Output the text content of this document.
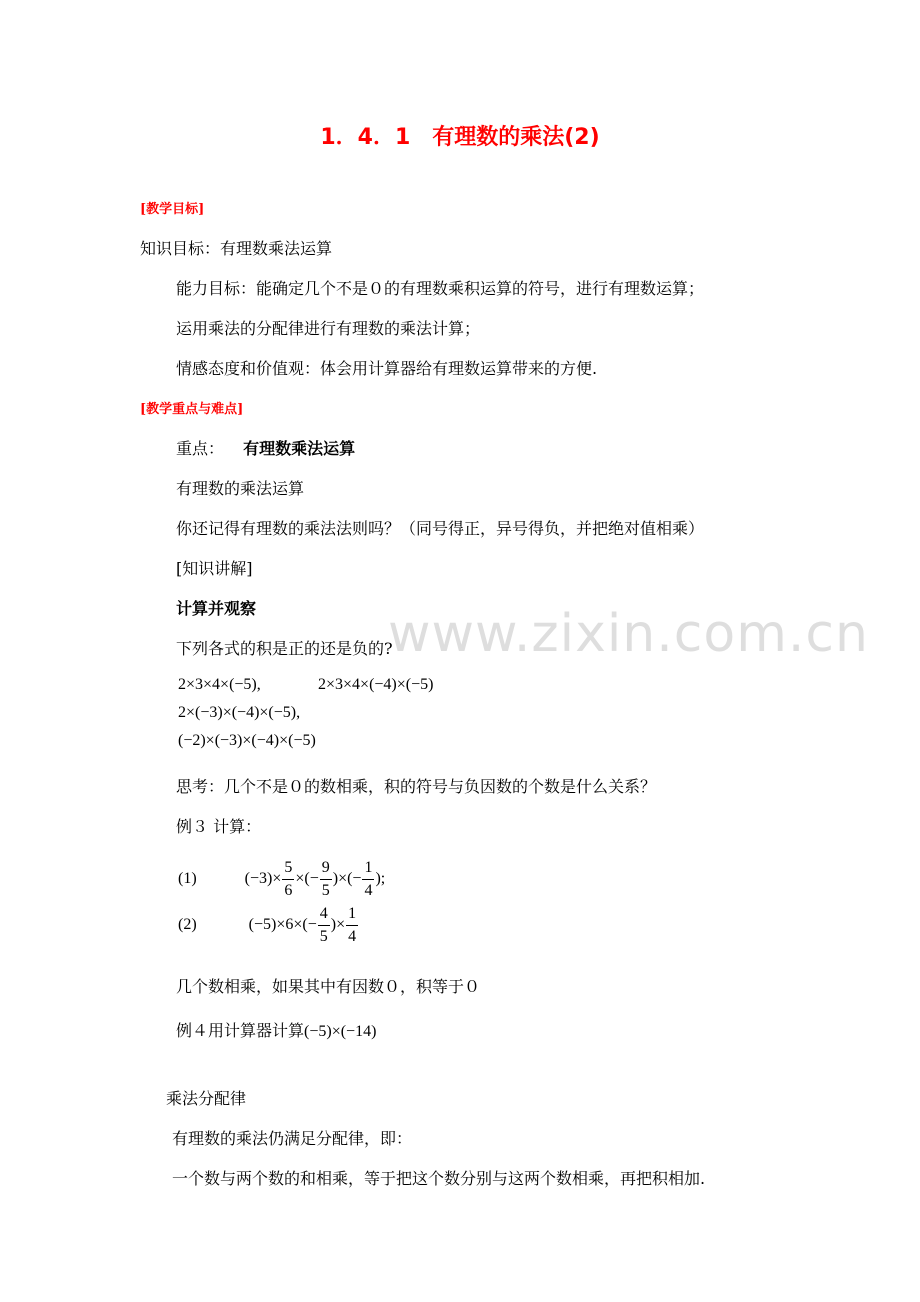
1．4．1　有理数的乘法(2)
[教学目标]
知识目标：有理数乘法运算
能力目标：能确定几个不是０的有理数乘积运算的符号，进行有理数运算；
运用乘法的分配律进行有理数的乘法计算；
情感态度和价值观：体会用计算器给有理数运算带来的方便.
[教学重点与难点]
重点： 有理数乘法运算
有理数的乘法运算
你还记得有理数的乘法法则吗？（同号得正，异号得负，并把绝对值相乘）
[知识讲解]
计算并观察
下列各式的积是正的还是负的?
2×3×4×(−5),	2×3×4×(−4)×(−5)
2×(−3)×(−4)×(−5),
(−2)×(−3)×(−4)×(−5)
思考：几个不是０的数相乘，积的符号与负因数的个数是什么关系？
例３ 计算：
(1)	$(-3)\times \frac{5}{6}$ ×(− $\frac{9}{5}$ )×(− $\frac{1}{4}$ );
(2)	$(-5)\times 6\times(- \frac{4}{5}$ )× $\frac{1}{4}$
几个数相乘，如果其中有因数０，积等于０
例４用计算器计算(−5)×(−14)
乘法分配律
有理数的乘法仍满足分配律，即：
一个数与两个数的和相乘，等于把这个数分别与这两个数相乘，再把积相加.
www.zixin.com.cn
